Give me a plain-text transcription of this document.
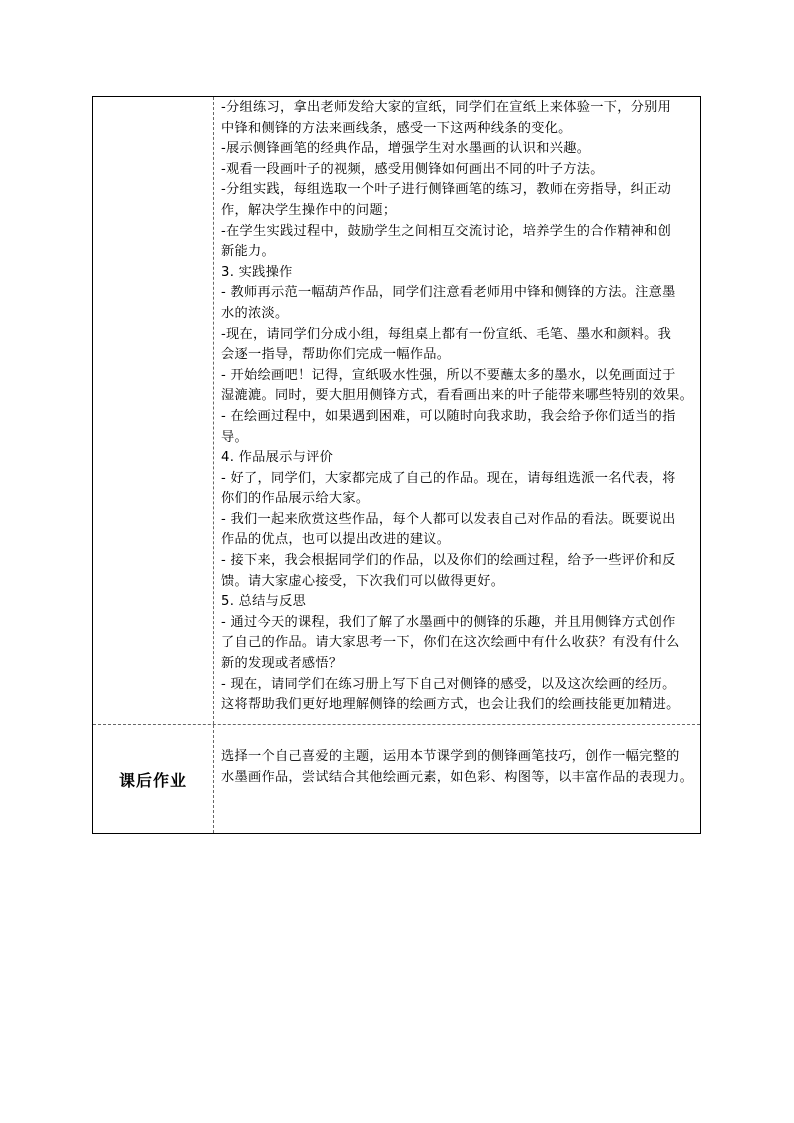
-分组练习，拿出老师发给大家的宣纸，同学们在宣纸上来体验一下，分别用
中锋和侧锋的方法来画线条，感受一下这两种线条的变化。
-展示侧锋画笔的经典作品，增强学生对水墨画的认识和兴趣。
-观看一段画叶子的视频，感受用侧锋如何画出不同的叶子方法。
-分组实践，每组选取一个叶子进行侧锋画笔的练习，教师在旁指导，纠正动
作，解决学生操作中的问题；
-在学生实践过程中，鼓励学生之间相互交流讨论，培养学生的合作精神和创
新能力。
3. 实践操作
- 教师再示范一幅葫芦作品，同学们注意看老师用中锋和侧锋的方法。注意墨
水的浓淡。
-现在，请同学们分成小组，每组桌上都有一份宣纸、毛笔、墨水和颜料。我
会逐一指导，帮助你们完成一幅作品。
- 开始绘画吧！记得，宣纸吸水性强，所以不要蘸太多的墨水，以免画面过于
湿漉漉。同时，要大胆用侧锋方式，看看画出来的叶子能带来哪些特别的效果。
- 在绘画过程中，如果遇到困难，可以随时向我求助，我会给予你们适当的指
导。
4. 作品展示与评价
- 好了，同学们，大家都完成了自己的作品。现在，请每组选派一名代表，将
你们的作品展示给大家。
- 我们一起来欣赏这些作品，每个人都可以发表自己对作品的看法。既要说出
作品的优点，也可以提出改进的建议。
- 接下来，我会根据同学们的作品，以及你们的绘画过程，给予一些评价和反
馈。请大家虚心接受，下次我们可以做得更好。
5. 总结与反思
- 通过今天的课程，我们了解了水墨画中的侧锋的乐趣，并且用侧锋方式创作
了自己的作品。请大家思考一下，你们在这次绘画中有什么收获？有没有什么
新的发现或者感悟？
- 现在，请同学们在练习册上写下自己对侧锋的感受，以及这次绘画的经历。
这将帮助我们更好地理解侧锋的绘画方式，也会让我们的绘画技能更加精进。
课后作业
选择一个自己喜爱的主题，运用本节课学到的侧锋画笔技巧，创作一幅完整的
水墨画作品，尝试结合其他绘画元素，如色彩、构图等，以丰富作品的表现力。
